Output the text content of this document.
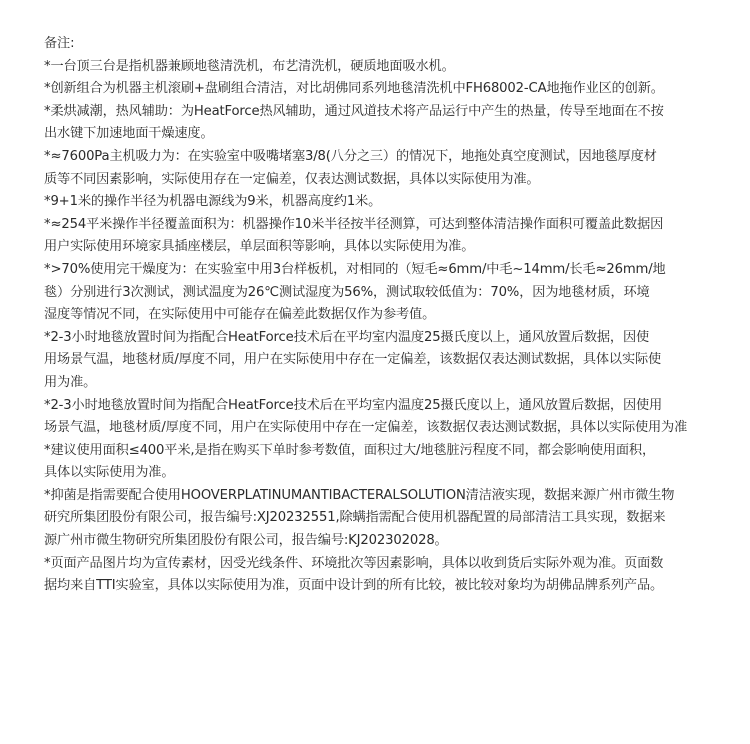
备注:

*一台顶三台是指机器兼顾地毯清洗机，布艺清洗机，硬质地面吸水机。

*创新组合为机器主机滚刷+盘刷组合清洁，对比胡佛同系列地毯清洗机中FH68002-CA地拖作业区的创新。

*柔烘减潮，热风辅助：为HeatForce热风辅助，通过风道技术将产品运行中产生的热量，传导至地面在不按

出水键下加速地面干燥速度。

*≈7600Pa主机吸力为：在实验室中吸嘴堵塞3/8(八分之三）的情况下，地拖处真空度测试，因地毯厚度材

质等不同因素影响，实际使用存在一定偏差，仅表达测试数据，具体以实际使用为准。

*9+1米的操作半径为机器电源线为9米，机器高度约1米。

*≈254平米操作半径覆盖面积为：机器操作10米半径按半径测算，可达到整体清洁操作面积可覆盖此数据因

用户实际使用环境家具插座楼层，单层面积等影响，具体以实际使用为准。

*>70%使用完干燥度为：在实验室中用3台样板机，对相同的（短毛≈6mm/中毛~14mm/长毛≈26mm/地

毯）分别进行3次测试，测试温度为26℃测试湿度为56%，测试取较低值为：70%，因为地毯材质，环境

湿度等情况不同，在实际使用中可能存在偏差此数据仅作为参考值。

*2-3小时地毯放置时间为指配合HeatForce技术后在平均室内温度25摄氏度以上，通风放置后数据，因使

用场景气温，地毯材质/厚度不同，用户在实际使用中存在一定偏差，该数据仅表达测试数据，具体以实际使

用为准。

*2-3小时地毯放置时间为指配合HeatForce技术后在平均室内温度25摄氏度以上，通风放置后数据，因使用

场景气温，地毯材质/厚度不同，用户在实际使用中存在一定偏差，该数据仅表达测试数据，具体以实际使用为准

*建议使用面积≤400平米,是指在购买下单时参考数值，面积过大/地毯脏污程度不同，都会影响使用面积，

具体以实际使用为准。

*抑菌是指需要配合使用HOOVERPLATINUMANTIBACTERALSOLUTION清洁液实现，数据来源广州市微生物

研究所集团股份有限公司，报告编号:XJ20232551,除螨指需配合使用机器配置的局部清洁工具实现，数据来

源广州市微生物研究所集团股份有限公司，报告编号:KJ202302028。

*页面产品图片均为宣传素材，因受光线条件、环境批次等因素影响，具体以收到货后实际外观为准。页面数

据均来自TTI实验室，具体以实际使用为准，页面中设计到的所有比较，被比较对象均为胡佛品牌系列产品。
